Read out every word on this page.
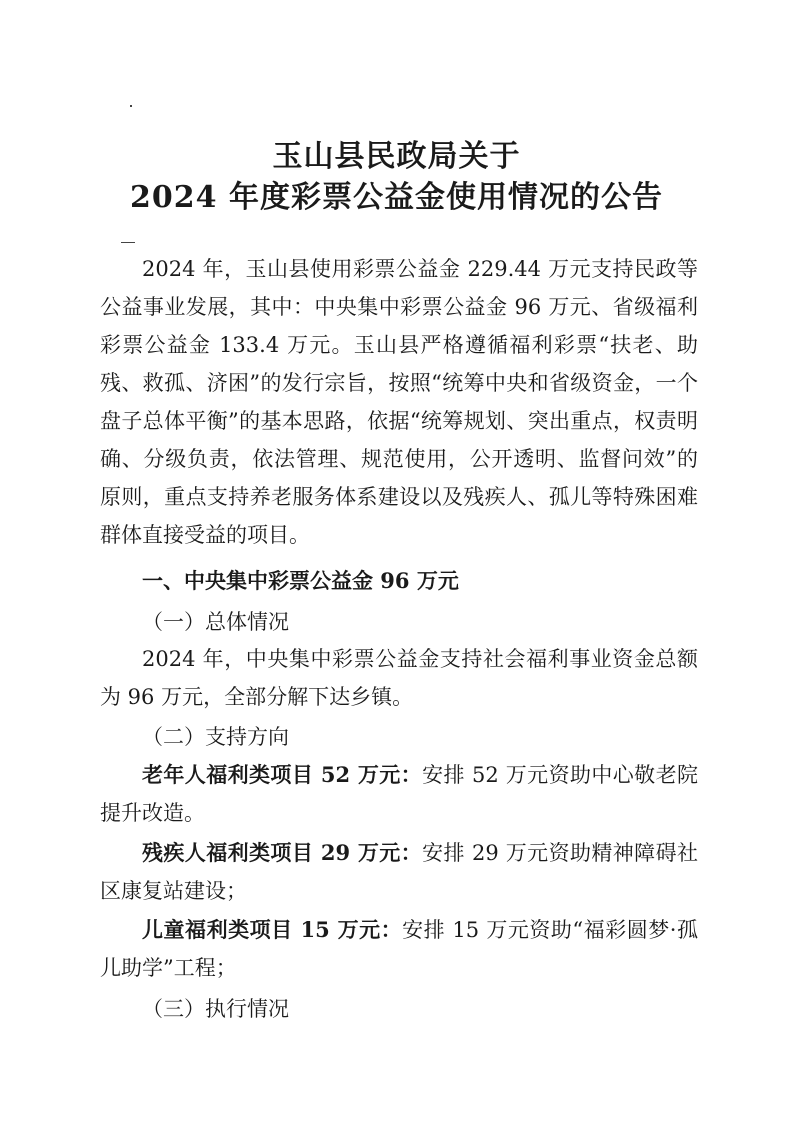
玉山县民政局关于
2024 年度彩票公益金使用情况的公告

2024 年，玉山县使用彩票公益金 229.44 万元支持民政等公益事业发展，其中：中央集中彩票公益金 96 万元、省级福利彩票公益金 133.4 万元。玉山县严格遵循福利彩票“扶老、助残、救孤、济困”的发行宗旨，按照“统筹中央和省级资金，一个盘子总体平衡”的基本思路，依据“统筹规划、突出重点，权责明确、分级负责，依法管理、规范使用，公开透明、监督问效”的原则，重点支持养老服务体系建设以及残疾人、孤儿等特殊困难群体直接受益的项目。

一、中央集中彩票公益金 96 万元

（一）总体情况

2024 年，中央集中彩票公益金支持社会福利事业资金总额为 96 万元，全部分解下达乡镇。

（二）支持方向

老年人福利类项目 52 万元：安排 52 万元资助中心敬老院提升改造。

残疾人福利类项目 29 万元：安排 29 万元资助精神障碍社区康复站建设；

儿童福利类项目 15 万元：安排 15 万元资助“福彩圆梦·孤儿助学”工程；

（三）执行情况
